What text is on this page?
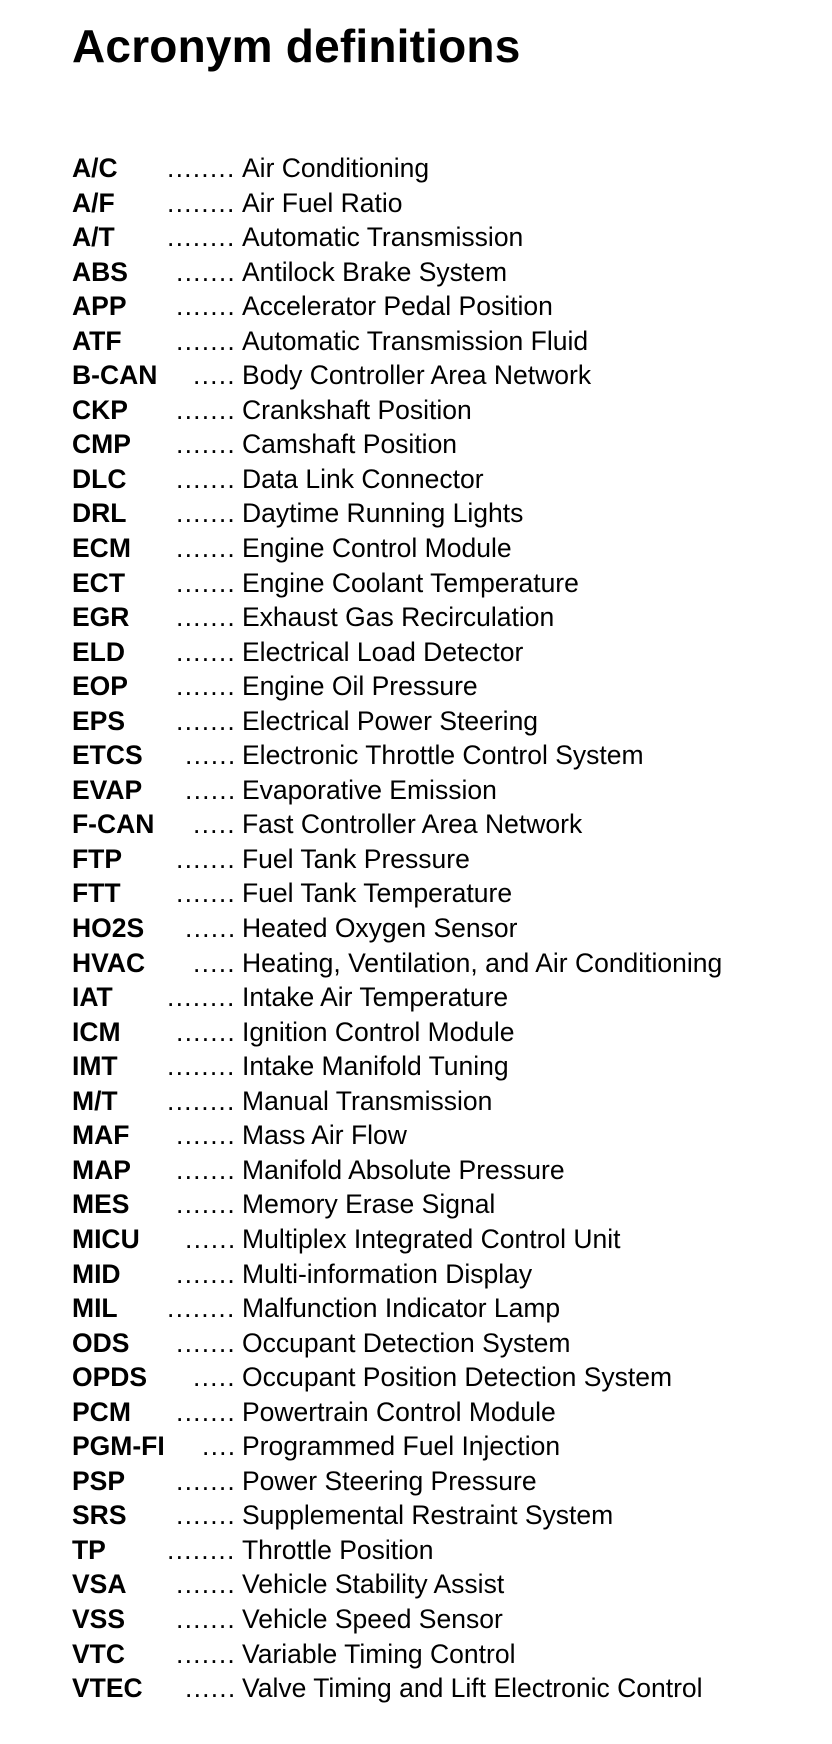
Acronym definitions
A/C ........ Air Conditioning
A/F ........ Air Fuel Ratio
A/T ........ Automatic Transmission
ABS ....... Antilock Brake System
APP ....... Accelerator Pedal Position
ATF ....... Automatic Transmission Fluid
B-CAN ..... Body Controller Area Network
CKP ....... Crankshaft Position
CMP ....... Camshaft Position
DLC ....... Data Link Connector
DRL ....... Daytime Running Lights
ECM ....... Engine Control Module
ECT ....... Engine Coolant Temperature
EGR ....... Exhaust Gas Recirculation
ELD ....... Electrical Load Detector
EOP ....... Engine Oil Pressure
EPS ....... Electrical Power Steering
ETCS ...... Electronic Throttle Control System
EVAP ...... Evaporative Emission
F-CAN ..... Fast Controller Area Network
FTP ....... Fuel Tank Pressure
FTT ....... Fuel Tank Temperature
HO2S ...... Heated Oxygen Sensor
HVAC ..... Heating, Ventilation, and Air Conditioning
IAT ........ Intake Air Temperature
ICM ....... Ignition Control Module
IMT ........ Intake Manifold Tuning
M/T ........ Manual Transmission
MAF ....... Mass Air Flow
MAP ....... Manifold Absolute Pressure
MES ....... Memory Erase Signal
MICU ...... Multiplex Integrated Control Unit
MID ....... Multi-information Display
MIL ........ Malfunction Indicator Lamp
ODS ....... Occupant Detection System
OPDS ..... Occupant Position Detection System
PCM ....... Powertrain Control Module
PGM-FI .... Programmed Fuel Injection
PSP ....... Power Steering Pressure
SRS ....... Supplemental Restraint System
TP ........ Throttle Position
VSA ....... Vehicle Stability Assist
VSS ....... Vehicle Speed Sensor
VTC ....... Variable Timing Control
VTEC ...... Valve Timing and Lift Electronic Control
